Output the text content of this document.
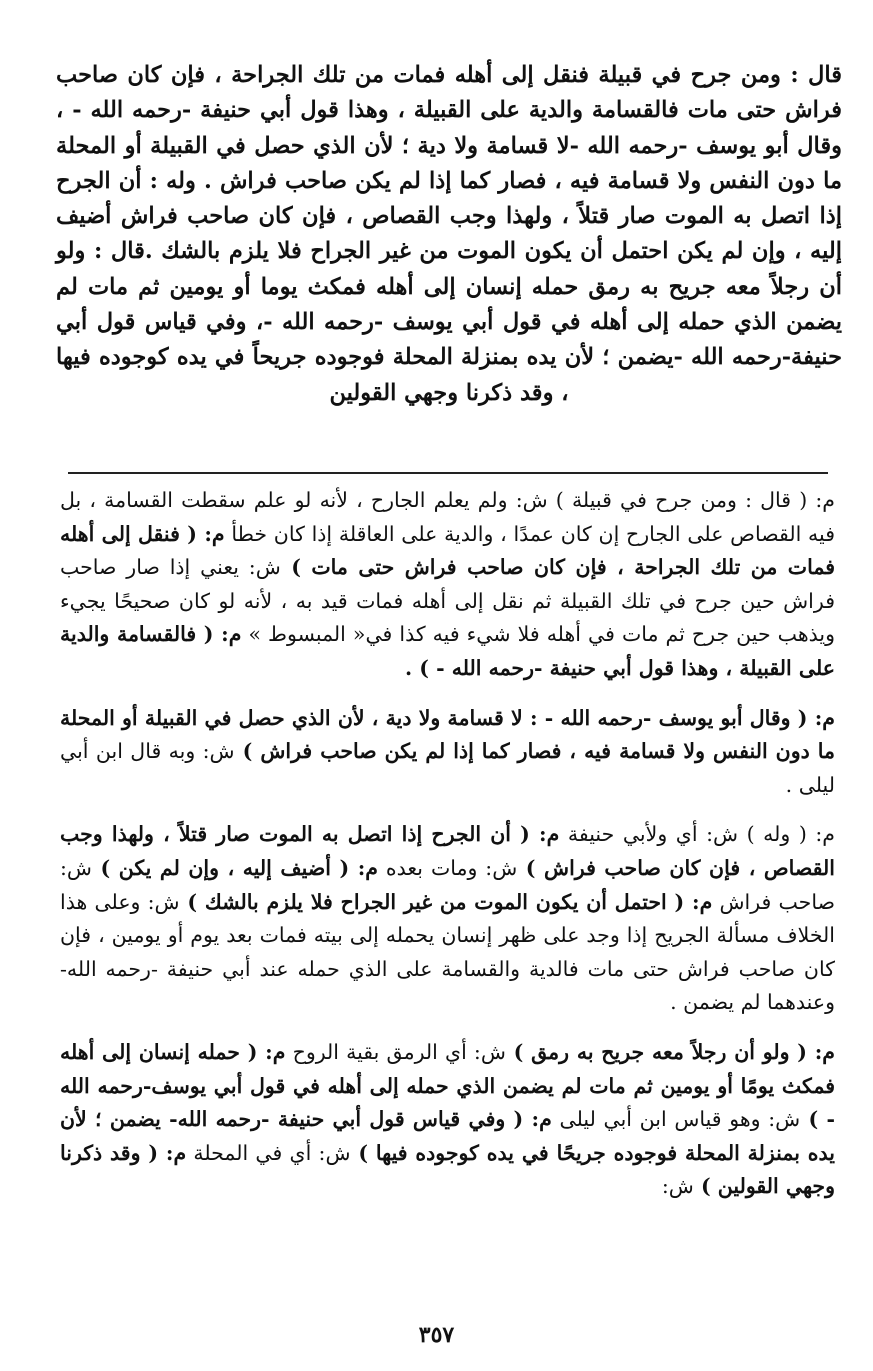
قال : ومن جرح في قبيلة فنقل إلى أهله فمات من تلك الجراحة ، فإن كان صاحب فراش حتى مات فالقسامة والدية على القبيلة ، وهذا قول أبي حنيفة -رحمه الله - ، وقال أبو يوسف -رحمه الله -لا قسامة ولا دية ؛ لأن الذي حصل في القبيلة أو المحلة ما دون النفس ولا قسامة فيه ، فصار كما إذا لم يكن صاحب فراش . وله : أن الجرح إذا اتصل به الموت صار قتلاً ، ولهذا وجب القصاص ، فإن كان صاحب فراش أضيف إليه ، وإن لم يكن احتمل أن يكون الموت من غير الجراح فلا يلزم بالشك .قال : ولو أن رجلاً معه جريح به رمق حمله إنسان إلى أهله فمكث يوما أو يومين ثم مات لم يضمن الذي حمله إلى أهله في قول أبي يوسف -رحمه الله -، وفي قياس قول أبي حنيفة-رحمه الله -يضمن ؛ لأن يده بمنزلة المحلة فوجوده جريحاً في يده كوجوده فيها ، وقد ذكرنا وجهي القولين

م: ( قال : ومن جرح في قبيلة ) ش: ولم يعلم الجارح ، لأنه لو علم سقطت القسامة ، بل فيه القصاص على الجارح إن كان عمدًا ، والدية على العاقلة إذا كان خطأ م: ( فنقل إلى أهله فمات من تلك الجراحة ، فإن كان صاحب فراش حتى مات ) ش: يعني إذا صار صاحب فراش حين جرح في تلك القبيلة ثم نقل إلى أهله فمات قيد به ، لأنه لو كان صحيحًا يجيء ويذهب حين جرح ثم مات في أهله فلا شيء فيه كذا في« المبسوط » م: ( فالقسامة والدية على القبيلة ، وهذا قول أبي حنيفة -رحمه الله - ) .

م: ( وقال أبو يوسف -رحمه الله - : لا قسامة ولا دية ، لأن الذي حصل في القبيلة أو المحلة ما دون النفس ولا قسامة فيه ، فصار كما إذا لم يكن صاحب فراش ) ش: وبه قال ابن أبي ليلى .

م: ( وله ) ش: أي ولأبي حنيفة م: ( أن الجرح إذا اتصل به الموت صار قتلاً ، ولهذا وجب القصاص ، فإن كان صاحب فراش ) ش: ومات بعده م: ( أضيف إليه ، وإن لم يكن ) ش: صاحب فراش م: ( احتمل أن يكون الموت من غير الجراح فلا يلزم بالشك ) ش: وعلى هذا الخلاف مسألة الجريح إذا وجد على ظهر إنسان يحمله إلى بيته فمات بعد يوم أو يومين ، فإن كان صاحب فراش حتى مات فالدية والقسامة على الذي حمله عند أبي حنيفة -رحمه الله- وعندهما لم يضمن .

م: ( ولو أن رجلاً معه جريح به رمق ) ش: أي الرمق بقية الروح م: ( حمله إنسان إلى أهله فمكث يومًا أو يومين ثم مات لم يضمن الذي حمله إلى أهله في قول أبي يوسف-رحمه الله - ) ش: وهو قياس ابن أبي ليلى م: ( وفي قياس قول أبي حنيفة -رحمه الله- يضمن ؛ لأن يده بمنزلة المحلة فوجوده جريحًا في يده كوجوده فيها ) ش: أي في المحلة م: ( وقد ذكرنا وجهي القولين ) ش:

٣٥٧
